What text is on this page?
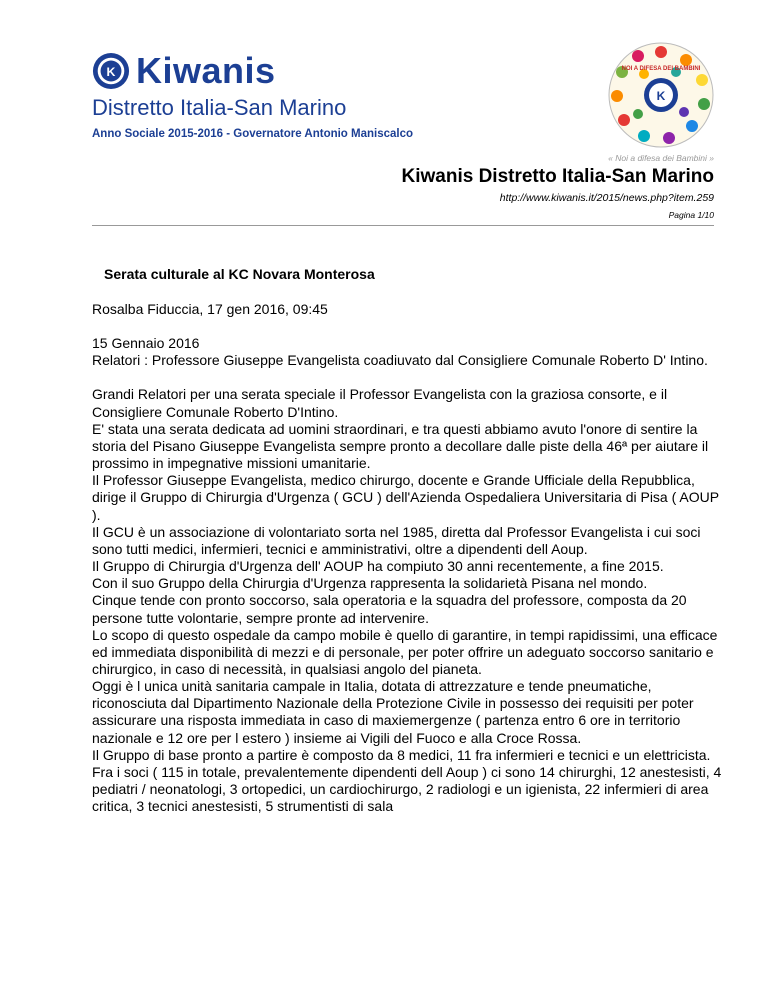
K Kiwanis
Distretto Italia-San Marino
Anno Sociale 2015-2016 - Governatore Antonio Maniscalco
K
NOI A DIFESA DEI BAMBINI
« Noi a difesa dei Bambini »
Kiwanis Distretto Italia-San Marino
http://www.kiwanis.it/2015/news.php?item.259
Pagina 1/10
Serata culturale al KC Novara Monterosa

Rosalba Fiduccia, 17 gen 2016, 09:45

15 Gennaio 2016

Relatori : Professore Giuseppe Evangelista coadiuvato dal Consigliere Comunale Roberto D' Intino.

Grandi Relatori per una serata speciale il Professor Evangelista con la graziosa consorte, e il Consigliere Comunale Roberto D'Intino.

E' stata una serata dedicata ad uomini straordinari, e tra questi abbiamo avuto l'onore di sentire la storia del Pisano Giuseppe Evangelista sempre pronto a decollare dalle piste della 46ª per aiutare il prossimo in impegnative missioni umanitarie.

Il Professor Giuseppe Evangelista, medico chirurgo, docente e Grande Ufficiale della Repubblica, dirige il Gruppo di Chirurgia d'Urgenza ( GCU ) dell'Azienda Ospedaliera Universitaria di Pisa ( AOUP ).

Il GCU è un associazione di volontariato sorta nel 1985, diretta dal Professor Evangelista i cui soci sono tutti medici, infermieri, tecnici e amministrativi, oltre a dipendenti dell Aoup.

Il Gruppo di Chirurgia d'Urgenza dell' AOUP ha compiuto 30 anni recentemente, a fine 2015.

Con il suo Gruppo della Chirurgia d'Urgenza rappresenta la solidarietà Pisana nel mondo.

Cinque tende con pronto soccorso, sala operatoria e la squadra del professore, composta da 20 persone tutte volontarie, sempre pronte ad intervenire.

Lo scopo di questo ospedale da campo mobile è quello di garantire, in tempi rapidissimi, una efficace ed immediata disponibilità di mezzi e di personale, per poter offrire un adeguato soccorso sanitario e chirurgico, in caso di necessità, in qualsiasi angolo del pianeta.

Oggi è l unica unità sanitaria campale in Italia, dotata di attrezzature e tende pneumatiche, riconosciuta dal Dipartimento Nazionale della Protezione Civile in possesso dei requisiti per poter assicurare una risposta immediata in caso di maxiemergenze ( partenza entro 6 ore in territorio nazionale e 12 ore per l estero ) insieme ai Vigili del Fuoco e alla Croce Rossa.

Il Gruppo di base pronto a partire è composto da 8 medici, 11 fra infermieri e tecnici e un elettricista.

Fra i soci ( 115 in totale, prevalentemente dipendenti dell Aoup ) ci sono 14 chirurghi, 12 anestesisti, 4 pediatri / neonatologi, 3 ortopedici, un cardiochirurgo, 2 radiologi e un igienista, 22 infermieri di area critica, 3 tecnici anestesisti, 5 strumentisti di sala
